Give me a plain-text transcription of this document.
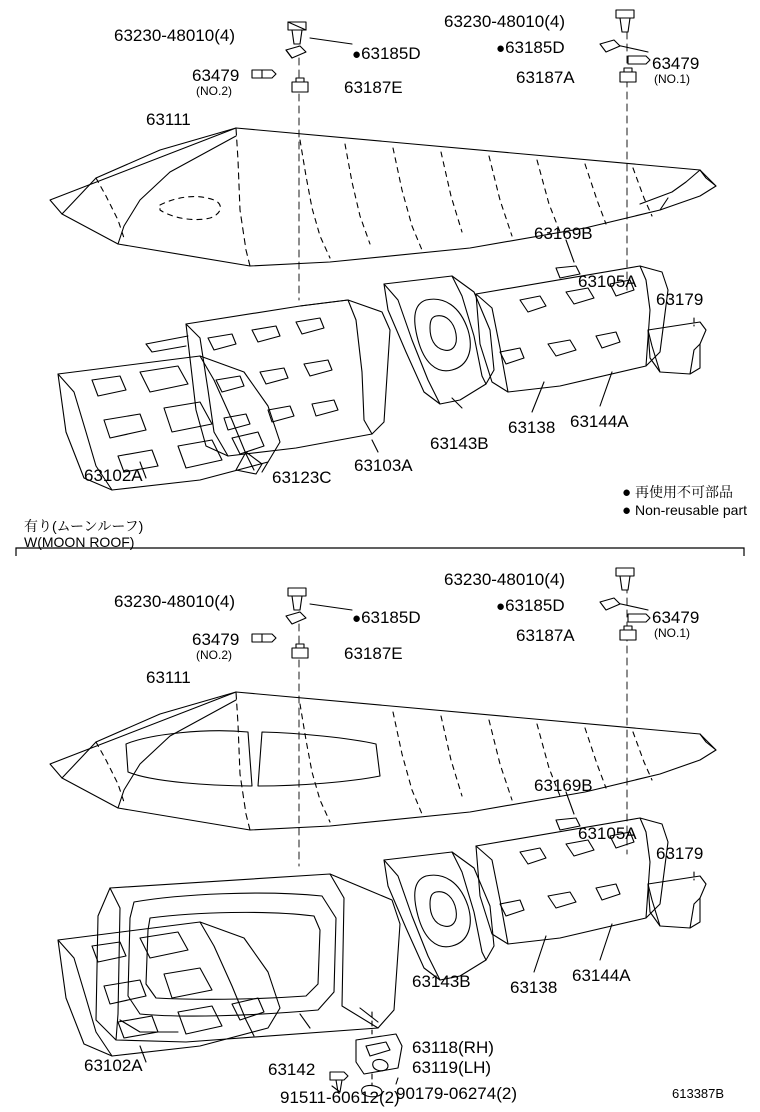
63230-48010(4)
●63185D
63479
(NO.2)	63187E
63230-48010(4)
●63185D
63479
(NO.1)
63187A
63111
63169B
63105A
63179
63143B
63138 63144A
63102A	63123C
63103A
● 再使用不可部品
● Non-reusable part
有り(ムーンルーフ)
W(MOON ROOF)
63230-48010(4)
●63185D
63479
(NO.2)	63187E
63230-48010(4)
●63185D
63479
(NO.1)
63187A
63111
63169B
63105A
63179
63143B 63138
63144A
63102A	63142
63118(RH)
63119(LH)
90179-06274(2)
91511-60612(2)	613387B
